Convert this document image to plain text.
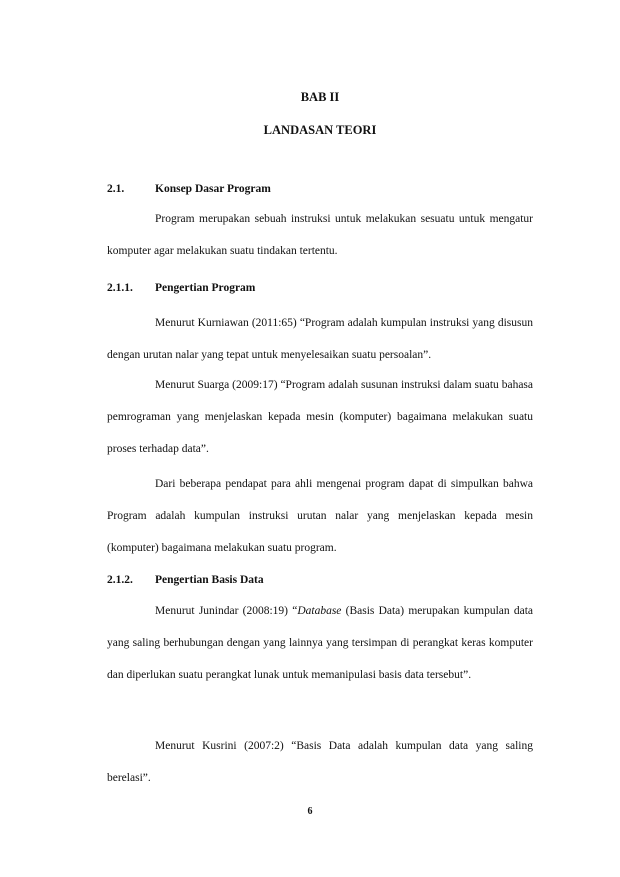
BAB II
LANDASAN TEORI
2.1.	Konsep Dasar Program

Program merupakan sebuah instruksi untuk melakukan sesuatu untuk mengatur komputer agar melakukan suatu tindakan tertentu.

2.1.1. Pengertian Program

Menurut Kurniawan (2011:65) “Program adalah kumpulan instruksi yang disusun dengan urutan nalar yang tepat untuk menyelesaikan suatu persoalan”.

Menurut Suarga (2009:17) “Program adalah susunan instruksi dalam suatu bahasa pemrograman yang menjelaskan kepada mesin (komputer) bagaimana melakukan suatu proses terhadap data”.

Dari beberapa pendapat para ahli mengenai program dapat di simpulkan bahwa Program adalah kumpulan instruksi urutan nalar yang menjelaskan kepada mesin (komputer) bagaimana melakukan suatu program.

2.1.2. Pengertian Basis Data

Menurut Junindar (2008:19) “Database (Basis Data) merupakan kumpulan data yang saling berhubungan dengan yang lainnya yang tersimpan di perangkat keras komputer dan diperlukan suatu perangkat lunak untuk memanipulasi basis data tersebut”.

Menurut Kusrini (2007:2) “Basis Data adalah kumpulan data yang saling berelasi”.

6
